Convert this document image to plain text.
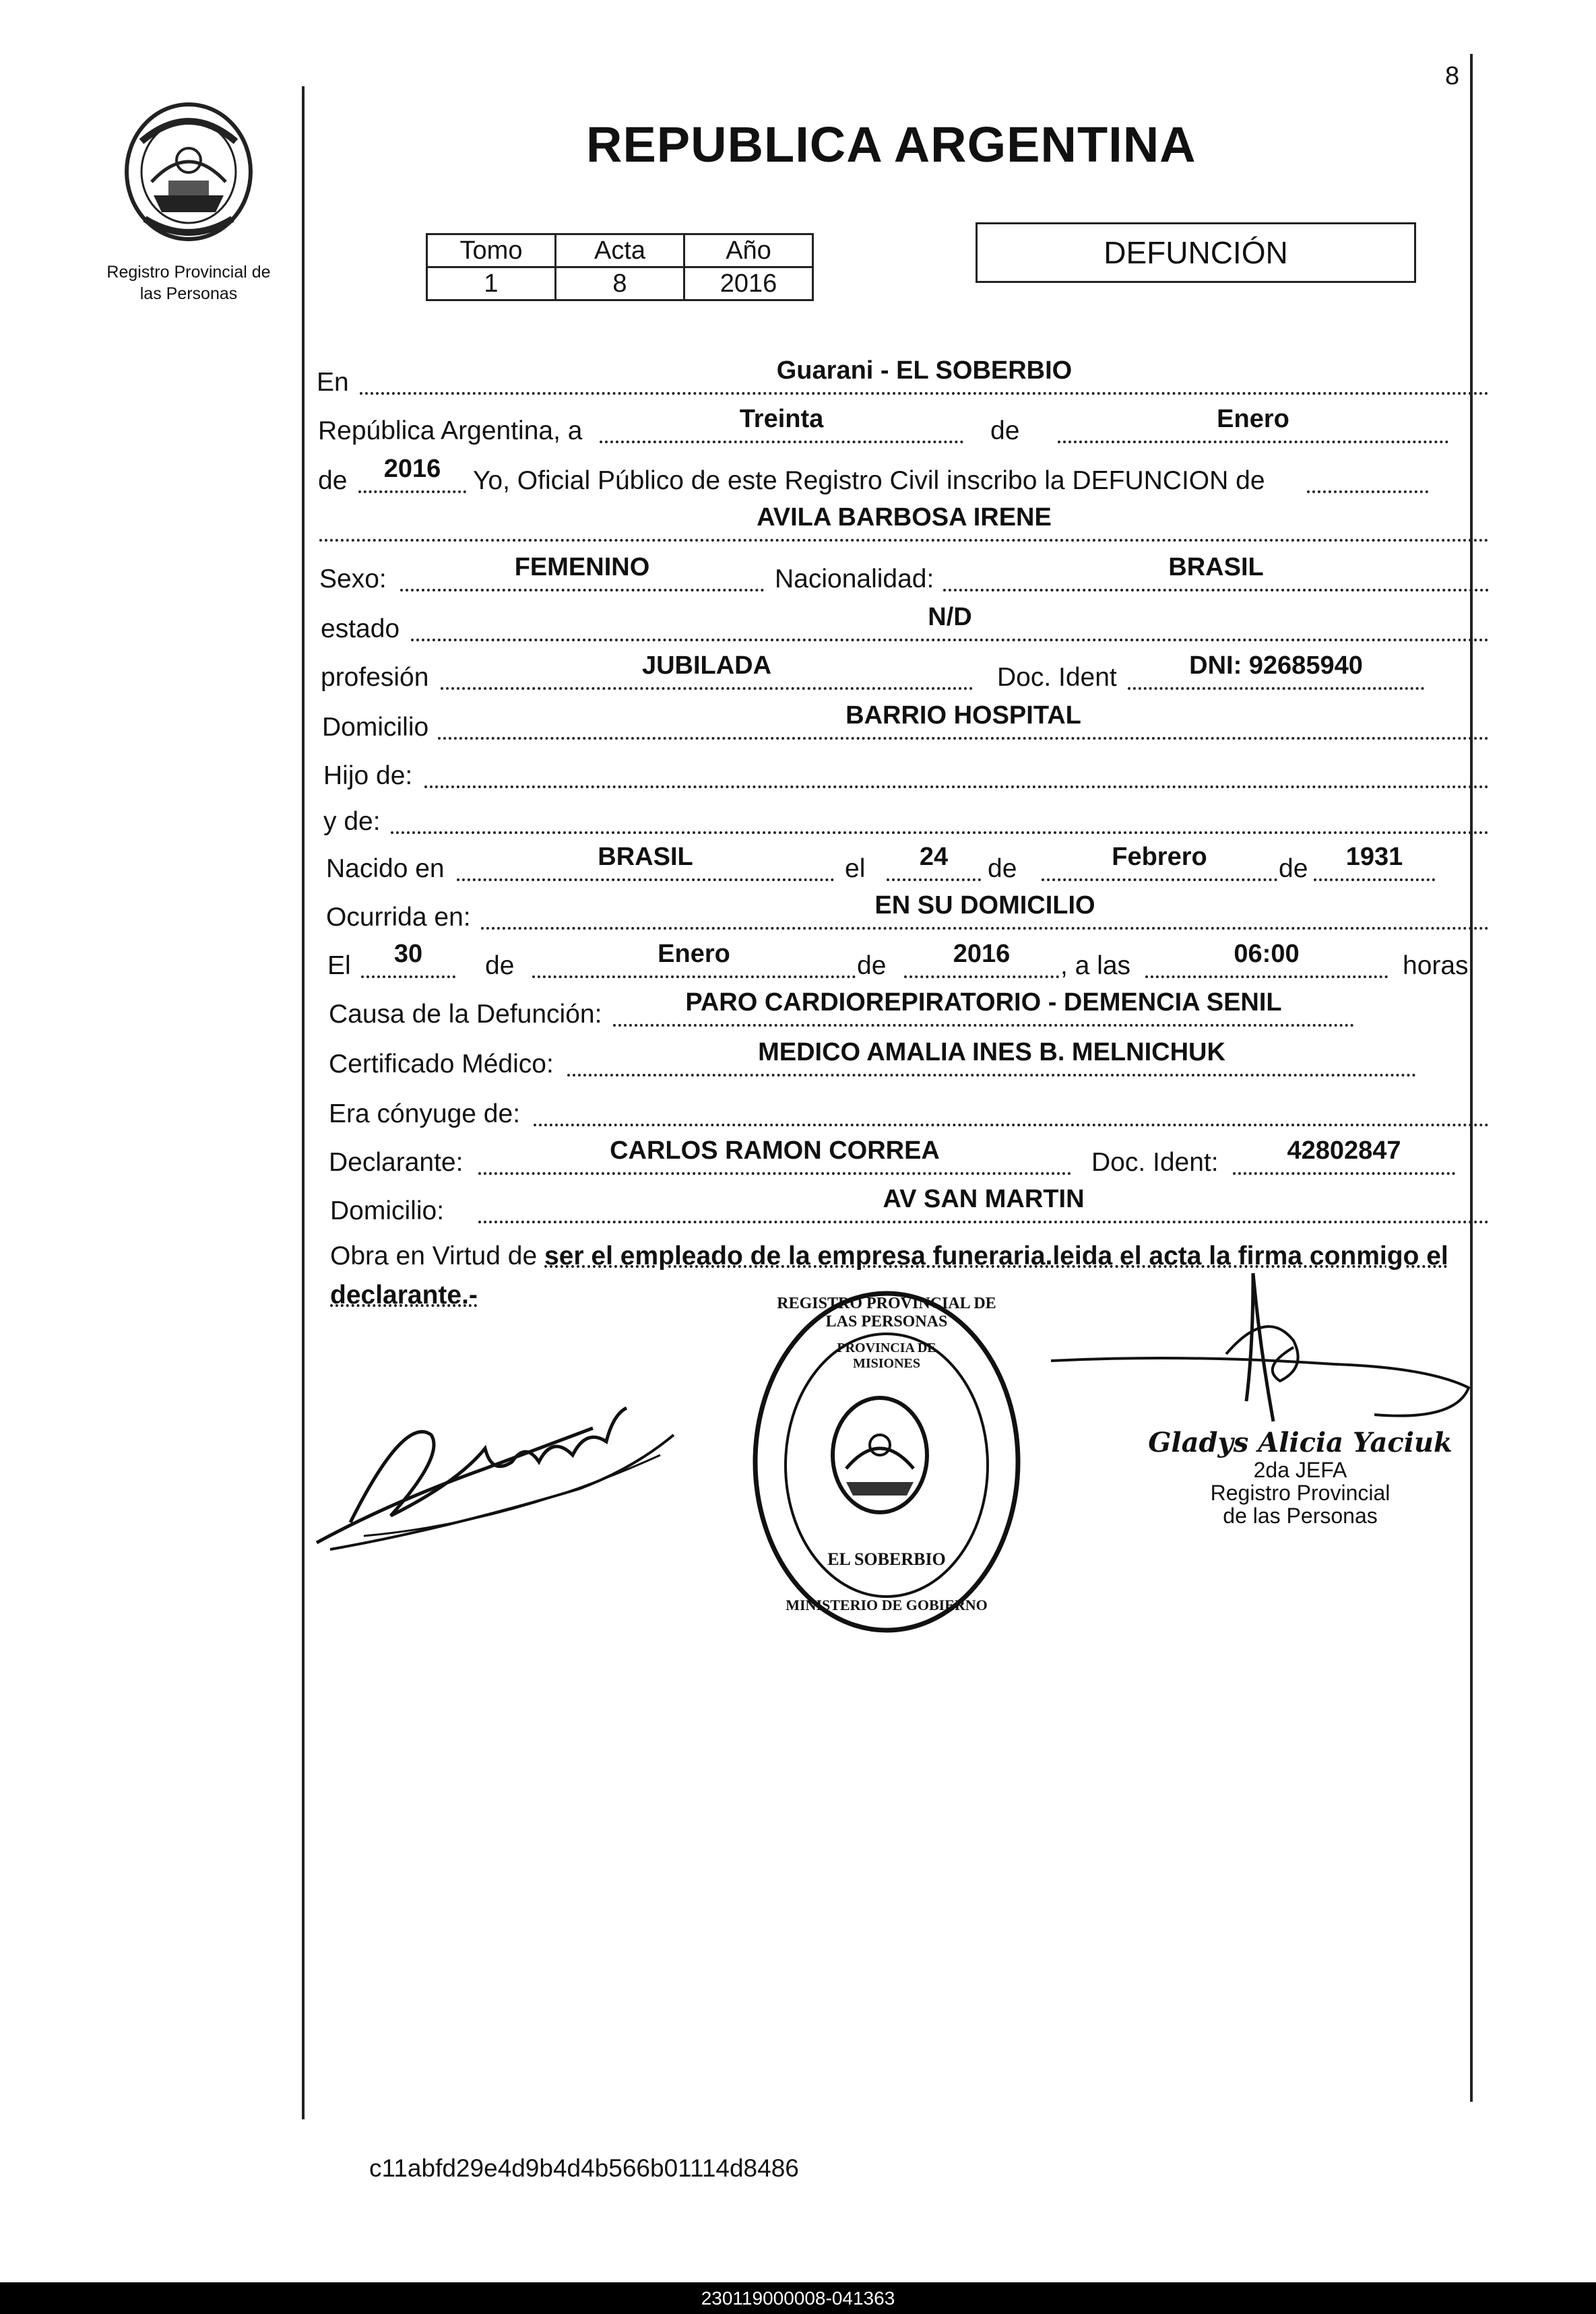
8
Registro Provincial de
las Personas
REPUBLICA ARGENTINA
Tomo	Acta	Año
1	8	2016
DEFUNCIÓN
En	Guarani - EL SOBERBIO
República Argentina, a	Treinta	de	Enero
de	2016	Yo, Oficial Público de este Registro Civil inscribo la DEFUNCION de
AVILA BARBOSA IRENE
Sexo:	FEMENINO	Nacionalidad:	BRASIL
estado	N/D
profesión	JUBILADA	Doc. Ident	DNI: 92685940
Domicilio	BARRIO HOSPITAL
Hijo de:
y de:
Nacido en	BRASIL	el	24	de	Febrero	de	1931
Ocurrida en:	EN SU DOMICILIO
El	30	de	Enero	de	2016	, a las	06:00	horas
Causa de la Defunción:	PARO CARDIOREPIRATORIO - DEMENCIA SENIL
Certificado Médico:	MEDICO AMALIA INES B. MELNICHUK
Era cónyuge de:
Declarante:	CARLOS RAMON CORREA	Doc. Ident:	42802847
Domicilio:	AV SAN MARTIN
Obra en Virtud de ser el empleado de la empresa funeraria.leida el acta la firma conmigo el declarante.-	REGISTRO PROVINCIAL DE LAS PERSONAS
PROVINCIA DE MISIONES
EL SOBERBIO
MINISTERIO DE GOBIERNO
Gladys Alicia Yaciuk
2da JEFA
Registro Provincial
de las Personas
c11abfd29e4d9b4d4b566b01114d8486
230119000008-041363
